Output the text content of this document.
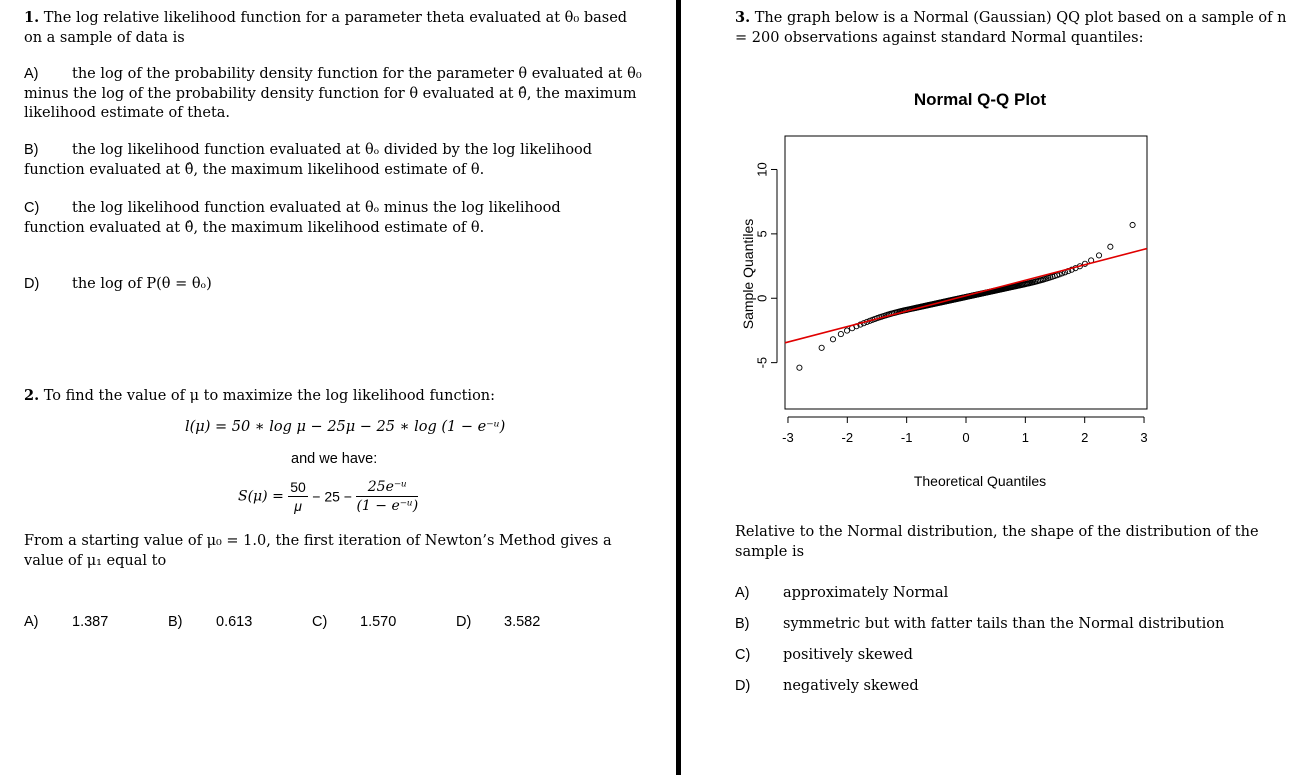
1. The log relative likelihood function for a parameter theta evaluated at θ₀ based on a sample of data is
A) the log of the probability density function for the parameter θ evaluated at θ₀ minus the log of the probability density function for θ evaluated at θ̂, the maximum likelihood estimate of theta.
B) the log likelihood function evaluated at θₒ divided by the log likelihood function evaluated at θ̂, the maximum likelihood estimate of θ.
C) the log likelihood function evaluated at θₒ minus the log likelihood function evaluated at θ̂, the maximum likelihood estimate of θ.
D) the log of P(θ = θₒ)
2. To find the value of μ to maximize the log likelihood function:
l(μ) = 50 ∗ log μ − 25μ − 25 ∗ log (1 − e⁻ᵘ)
and we have:
$S(\mu) = \frac{50}{\mu} - 25 - \frac{\text{25e⁻ᵘ}}{\text{(1 − e⁻ᵘ)}}$
From a starting value of μ₀ = 1.0, the first iteration of Newton’s Method gives a value of μ₁ equal to
A) 1.387	B) 0.613	C) 1.570	D) 3.582
3. The graph below is a Normal (Gaussian) QQ plot based on a sample of n = 200 observations against standard Normal quantiles:
Normal Q-Q Plot
-5
0
5
10
-3	-2	-1	0	1	2	3
Sample Quantiles
Theoretical Quantiles
Relative to the Normal distribution, the shape of the distribution of the sample is
A) approximately Normal
B) symmetric but with fatter tails than the Normal distribution
C) positively skewed
D) negatively skewed
